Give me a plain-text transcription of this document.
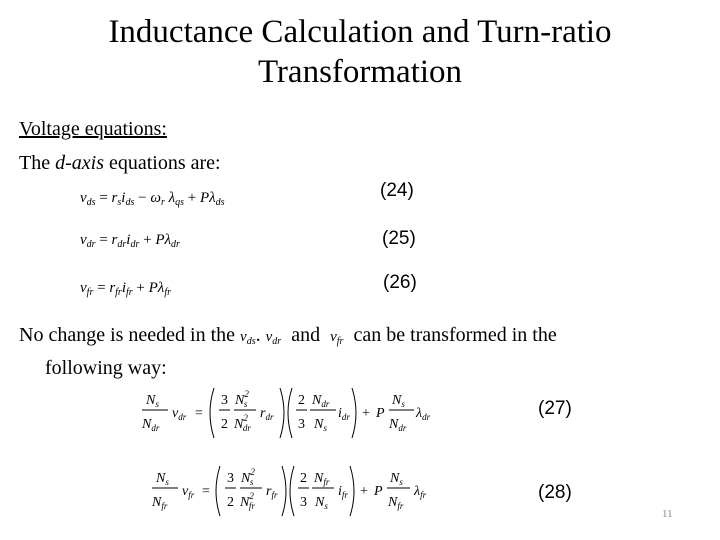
Inductance Calculation and Turn-ratio
Transformation
Voltage equations:
The d-axis equations are:
$v_{ds} = r_si_{ds} - \omega_r$ $\lambda_{qs} + P\lambda_{ds}$
(24)
$v_{dr} = r_{dr}i_{dr} + P\lambda_{dr}$	(25)
$v_{fr} = r_{fr}i_{fr} + P\lambda_{fr}$	(26)
No change is needed in the $v_{ds}$. $v_{dr}$ and $v_{fr}$ can be transformed in the
following way:
$N_s$
$N_{dr}$
$v_{dr}$ =
3
2
$N^2$ s
$N^2$ dr
$r_{dr}$
2
3
$N_{dr}$
$N_s$
$i_{dr} + P$
$N_s$
$N_{dr}$
$\lambda_{dr}$	(27)
$N_s$
$N_{fr}$
$v_{fr}$ =
3
2
$N^2$ s
$N^2$ fr
$r_{fr}$
2
3
$N_{fr}$
$N_s$
$i_{fr} + P$
$N_s$
$N_{fr}$
$\lambda_{fr}$	(28)
11
